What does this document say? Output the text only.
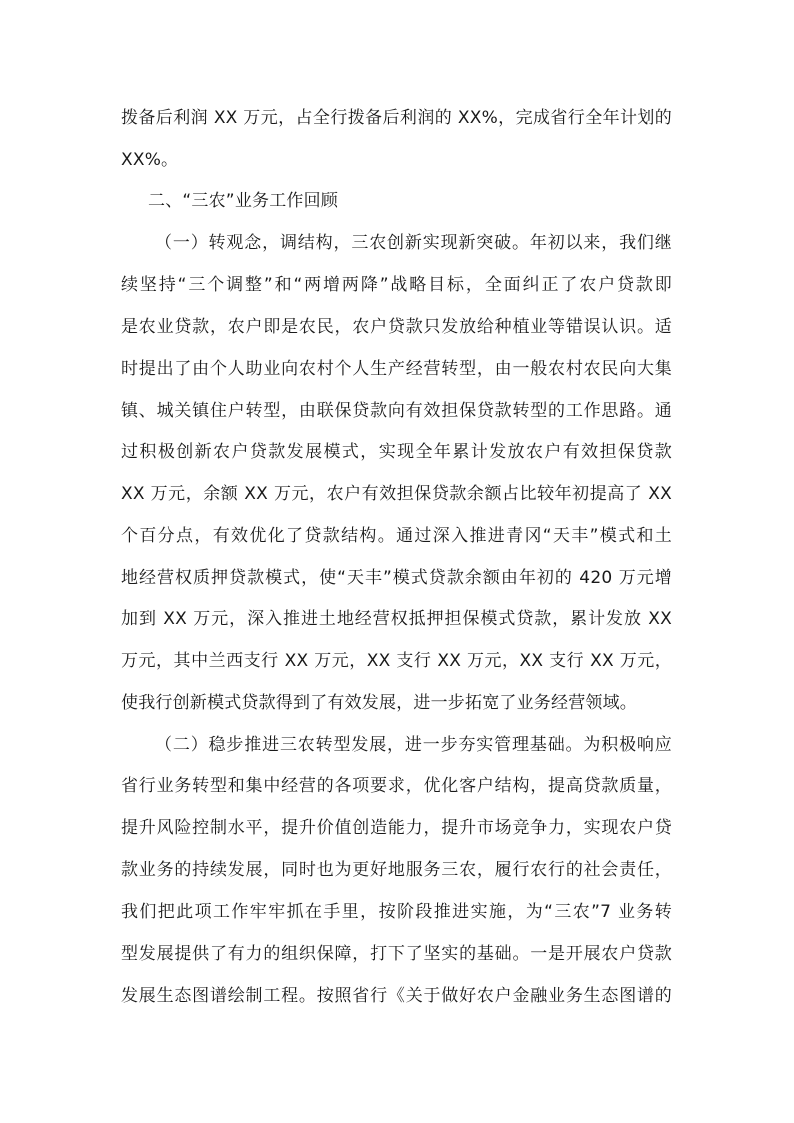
拨备后利润 XX 万元，占全行拨备后利润的 XX%，完成省行全年计划的
XX%。
二、“三农”业务工作回顾
（一）转观念，调结构，三农创新实现新突破。年初以来，我们继
续坚持“三个调整”和“两增两降”战略目标，全面纠正了农户贷款即
是农业贷款，农户即是农民，农户贷款只发放给种植业等错误认识。适
时提出了由个人助业向农村个人生产经营转型，由一般农村农民向大集
镇、城关镇住户转型，由联保贷款向有效担保贷款转型的工作思路。通
过积极创新农户贷款发展模式，实现全年累计发放农户有效担保贷款
XX 万元，余额 XX 万元，农户有效担保贷款余额占比较年初提高了 XX
个百分点，有效优化了贷款结构。通过深入推进青冈“天丰”模式和土
地经营权质押贷款模式，使“天丰”模式贷款余额由年初的 420 万元增
加到 XX 万元，深入推进土地经营权抵押担保模式贷款，累计发放 XX
万元，其中兰西支行 XX 万元，XX 支行 XX 万元，XX 支行 XX 万元，
使我行创新模式贷款得到了有效发展，进一步拓宽了业务经营领域。
（二）稳步推进三农转型发展，进一步夯实管理基础。为积极响应
省行业务转型和集中经营的各项要求，优化客户结构，提高贷款质量，
提升风险控制水平，提升价值创造能力，提升市场竞争力，实现农户贷
款业务的持续发展，同时也为更好地服务三农，履行农行的社会责任，
我们把此项工作牢牢抓在手里，按阶段推进实施，为“三农”7 业务转
型发展提供了有力的组织保障，打下了坚实的基础。一是开展农户贷款
发展生态图谱绘制工程。按照省行《关于做好农户金融业务生态图谱的
